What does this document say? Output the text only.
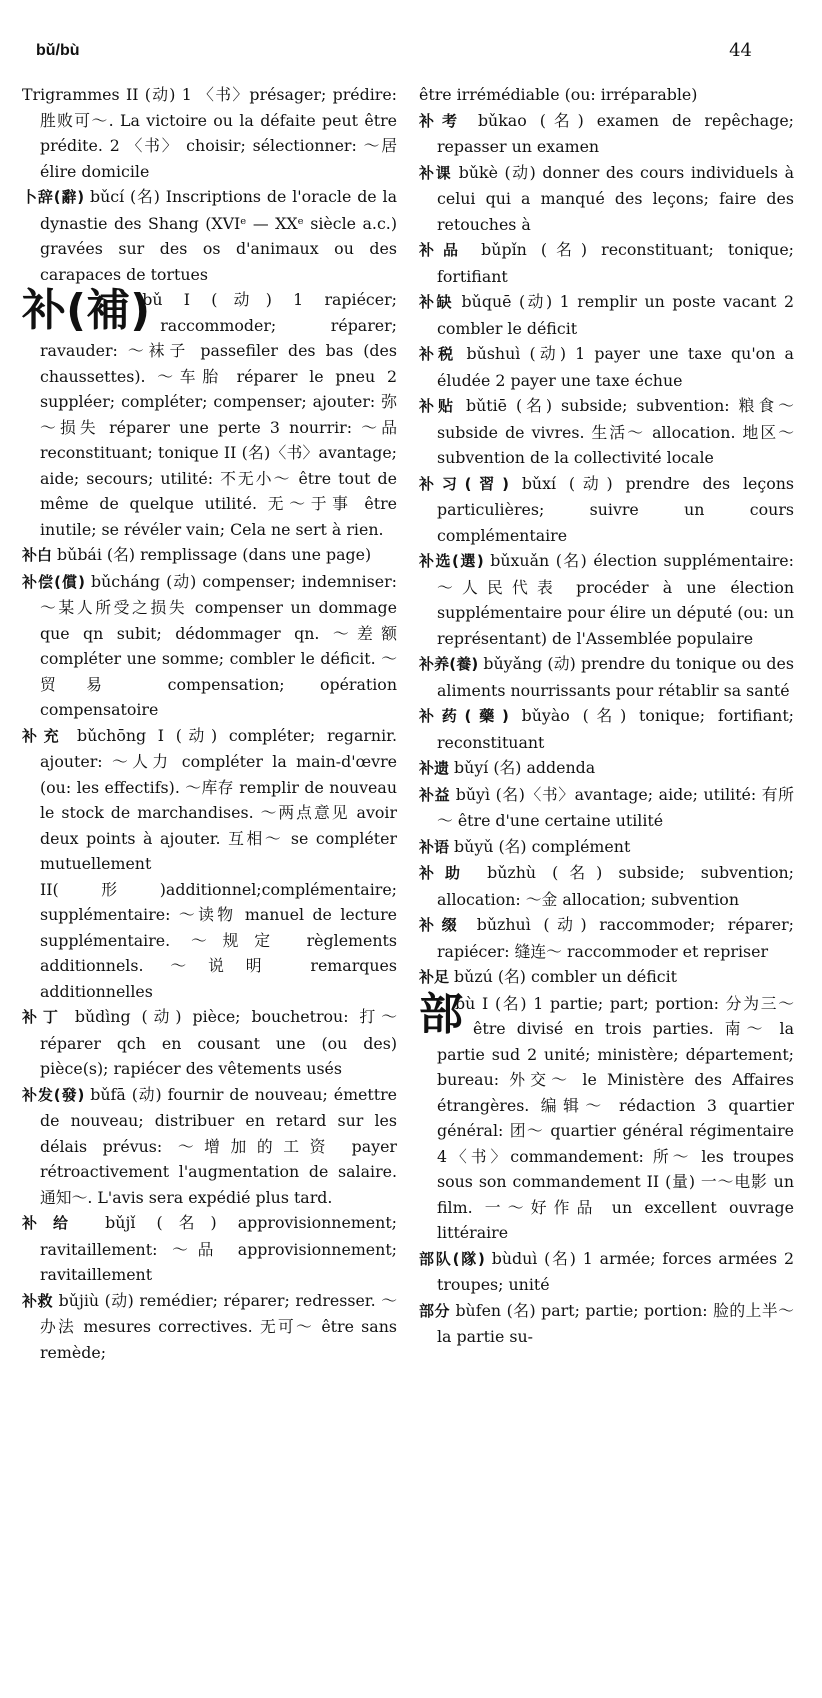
bǔ/bù	44

Trigrammes II (动) 1 〈书〉présager; prédire: 胜败可～. La victoire ou la défaite peut être prédite. 2 〈书〉 choisir; sélectionner: ～居 élire domicile

卜辞(辭) bǔcí (名) Inscriptions de l'oracle de la dynastie des Shang (XVIᵉ — XXᵉ siècle a.c.) gravées sur des os d'animaux ou des carapaces de tortues

补(補)
bǔ I (动) 1 rapiécer; raccommoder; réparer; ravauder: ～袜子 passefiler des bas (des chaussettes). ～车胎 réparer le pneu 2 suppléer; compléter; compenser; ajouter: 弥～损失 réparer une perte 3 nourrir: ～品 reconstituant; tonique II (名)〈书〉avantage; aide; secours; utilité: 不无小～ être tout de même de quelque utilité. 无～于事 être inutile; se révéler vain; Cela ne sert à rien.

补白 bǔbái (名) remplissage (dans une page)

补偿(償) bǔcháng (动) compenser; indemniser: ～某人所受之损失 compenser un dommage que qn subit; dédommager qn. ～差额 compléter une somme; combler le déficit. ～贸易 compensation; opération compensatoire

补充 bǔchōng I (动) compléter; regarnir. ajouter: ～人力 compléter la main-d'œvre (ou: les effectifs). ～库存 remplir de nouveau le stock de marchandises. ～两点意见 avoir deux points à ajouter. 互相～ se compléter mutuellement II(形)additionnel;complémentaire; supplémentaire: ～读物 manuel de lecture supplémentaire. ～规定 règlements additionnels. ～说明 remarques additionnelles

补丁 bǔdìng (动) pièce; bouchetrou: 打～ réparer qch en cousant une (ou des) pièce(s); rapiécer des vêtements usés

补发(發) bǔfā (动) fournir de nouveau; émettre de nouveau; distribuer en retard sur les délais prévus: ～增加的工资 payer rétroactivement l'augmentation de salaire. 通知～. L'avis sera expédié plus tard.

补给 bǔjǐ (名) approvisionnement; ravitaillement: ～品 approvisionnement; ravitaillement

补救 bǔjiù (动) remédier; réparer; redresser. ～办法 mesures correctives. 无可～ être sans remède;

être irrémédiable (ou: irréparable)

补考 bǔkao (名) examen de repêchage; repasser un examen

补课 bǔkè (动) donner des cours individuels à celui qui a manqué des leçons; faire des retouches à

补品 bǔpǐn (名) reconstituant; tonique; fortifiant

补缺 bǔquē (动) 1 remplir un poste vacant 2 combler le déficit

补税 bǔshuì (动) 1 payer une taxe qu'on a éludée 2 payer une taxe échue

补贴 bǔtiē (名) subside; subvention: 粮食～ subside de vivres. 生活～ allocation. 地区～ subvention de la collectivité locale

补习(習) bǔxí (动) prendre des leçons particulières; suivre un cours complémentaire

补选(選) bǔxuǎn (名) élection supplémentaire: ～人民代表 procéder à une élection supplémentaire pour élire un député (ou: un représentant) de l'Assemblée populaire

补养(養) bǔyǎng (动) prendre du tonique ou des aliments nourrissants pour rétablir sa santé

补药(藥) bǔyào (名) tonique; fortifiant; reconstituant

补遗 bǔyí (名) addenda

补益 bǔyì (名)〈书〉avantage; aide; utilité: 有所～ être d'une certaine utilité

补语 bǔyǔ (名) complément

补助 bǔzhù (名) subside; subvention; allocation: ～金 allocation; subvention

补缀 bǔzhuì (动) raccommoder; réparer; rapiécer: 缝连～ raccommoder et repriser

补足 bǔzú (名) combler un déficit

部
bù I (名) 1 partie; part; portion: 分为三～ être divisé en trois parties. 南～ la partie sud 2 unité; ministère; département; bureau: 外交～ le Ministère des Affaires étrangères. 编辑～ rédaction 3 quartier général: 团～ quartier général régimentaire 4〈书〉commandement: 所～ les troupes sous son commandement II (量) 一～电影 un film. 一～好作品 un excellent ouvrage littéraire

部队(隊) bùduì (名) 1 armée; forces armées 2 troupes; unité

部分 bùfen (名) part; partie; portion: 脸的上半～ la partie su-
